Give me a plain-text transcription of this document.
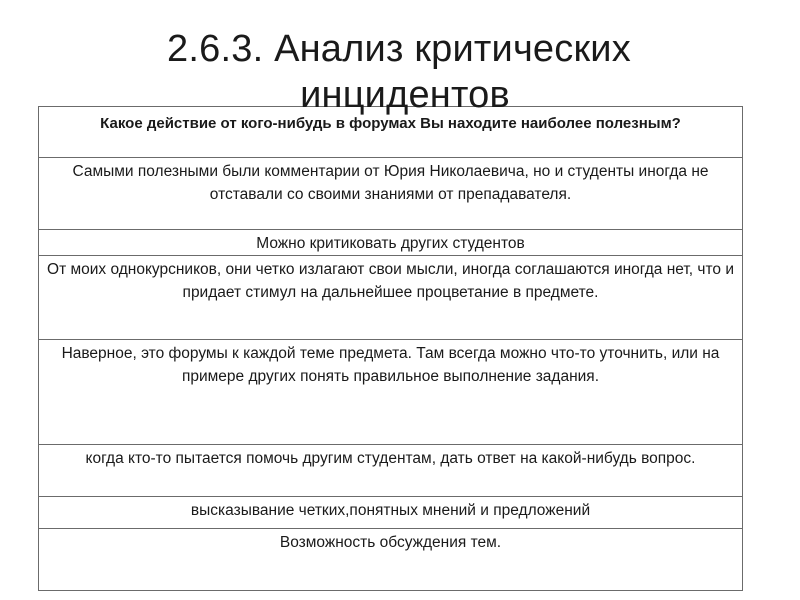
2.6.3. Анализ критических
инцидентов
Какое действие от кого-нибудь в форумах Вы находите наиболее полезным?
Самыми полезными были комментарии от Юрия Николаевича, но и студенты иногда не отставали со своими знаниями от препадавателя.
Можно критиковать других студентов
От моих однокурсников, они четко излагают свои мысли, иногда соглашаются иногда нет, что и придает стимул на дальнейшее процветание в предмете.
Наверное, это форумы к каждой теме предмета. Там всегда можно что-то уточнить, или на примере других понять правильное выполнение задания.
когда кто-то пытается помочь другим студентам, дать ответ на какой-нибудь вопрос.
высказывание четких,понятных мнений и предложений
Возможность обсуждения тем.
